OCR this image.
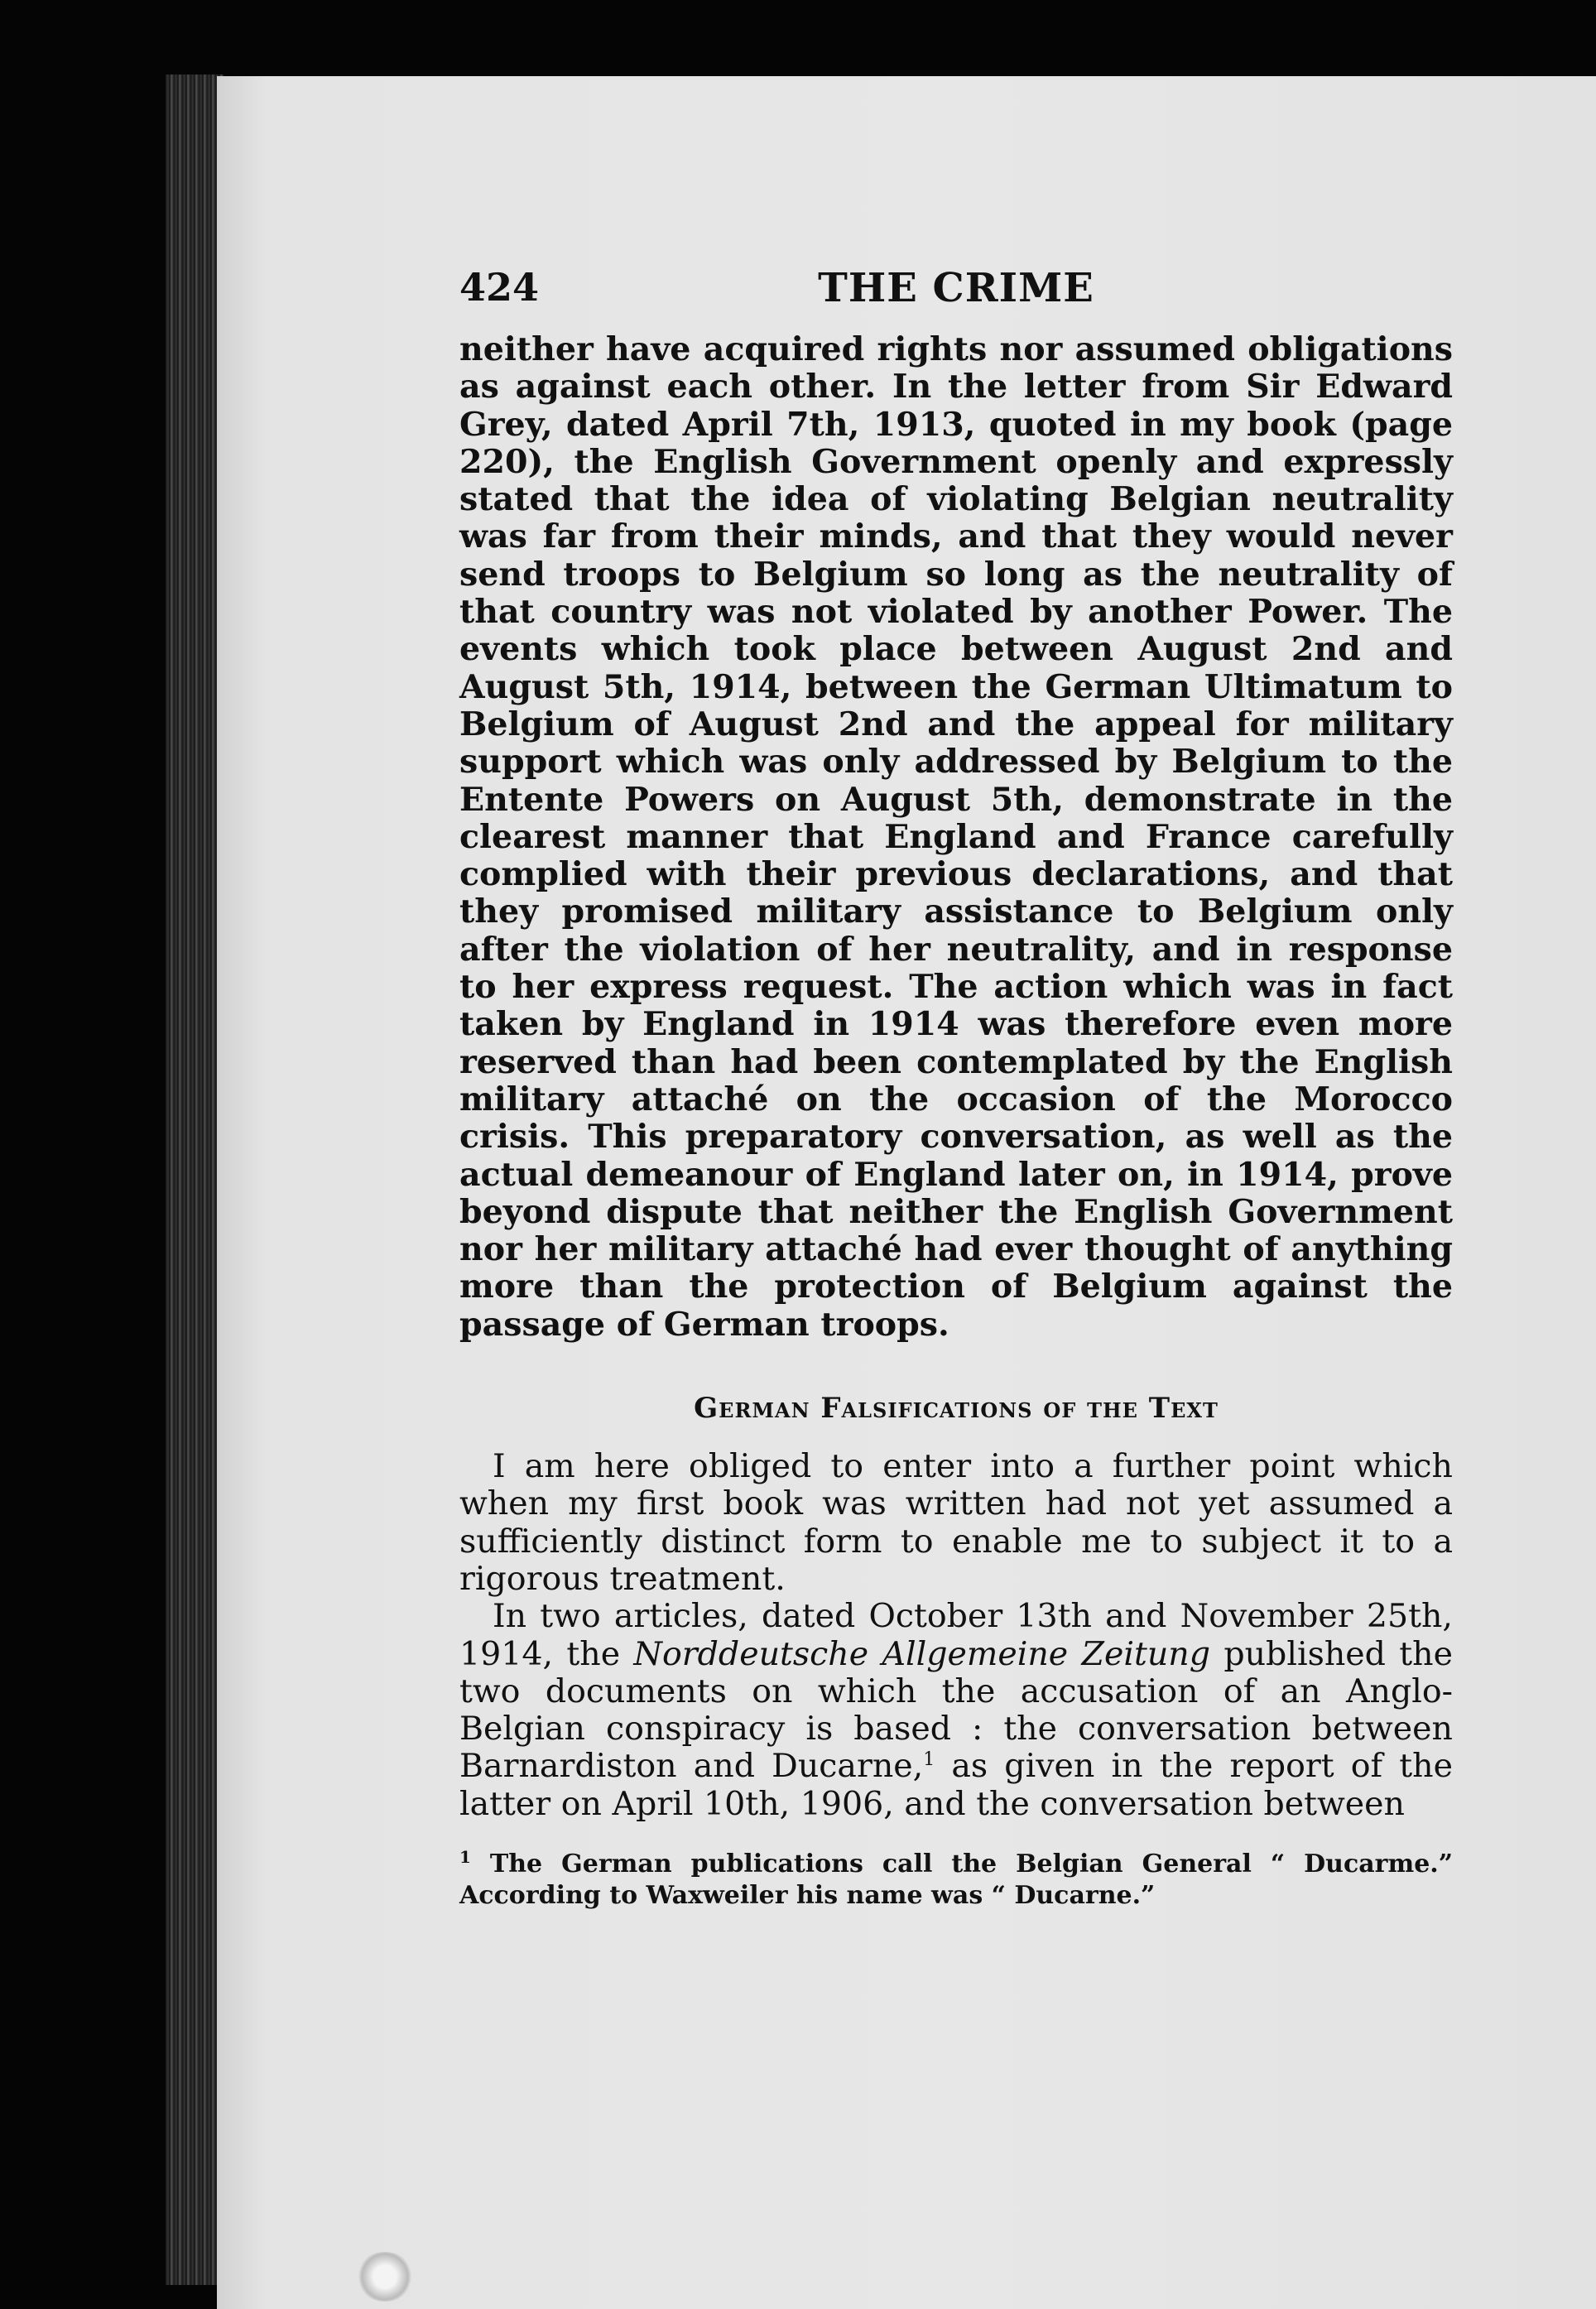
424	THE CRIME

neither have acquired rights nor assumed obligations as against each other. In the letter from Sir Edward Grey, dated April 7th, 1913, quoted in my book (page 220), the English Government openly and expressly stated that the idea of violating Belgian neutrality was far from their minds, and that they would never send troops to Belgium so long as the neutrality of that country was not violated by another Power. The events which took place between August 2nd and August 5th, 1914, between the German Ultimatum to Belgium of August 2nd and the appeal for military support which was only addressed by Belgium to the Entente Powers on August 5th, demonstrate in the clearest manner that England and France carefully complied with their previous declarations, and that they promised military assistance to Belgium only after the violation of her neutrality, and in response to her express request. The action which was in fact taken by England in 1914 was therefore even more reserved than had been contemplated by the English military attaché on the occasion of the Morocco crisis. This preparatory conversation, as well as the actual demeanour of England later on, in 1914, prove beyond dispute that neither the English Government nor her military attaché had ever thought of anything more than the protection of Belgium against the passage of German troops.

German Falsifications of the Text

I am here obliged to enter into a further point which when my first book was written had not yet assumed a sufficiently distinct form to enable me to subject it to a rigorous treatment.

In two articles, dated October 13th and November 25th, 1914, the Norddeutsche Allgemeine Zeitung published the two documents on which the accusation of an Anglo-Belgian conspiracy is based : the conversation between Barnardiston and Ducarne,$^1$ as given in the report of the latter on April 10th, 1906, and the conversation between

$^1$ The German publications call the Belgian General “ Ducarme.” According to Waxweiler his name was “ Ducarne.”
